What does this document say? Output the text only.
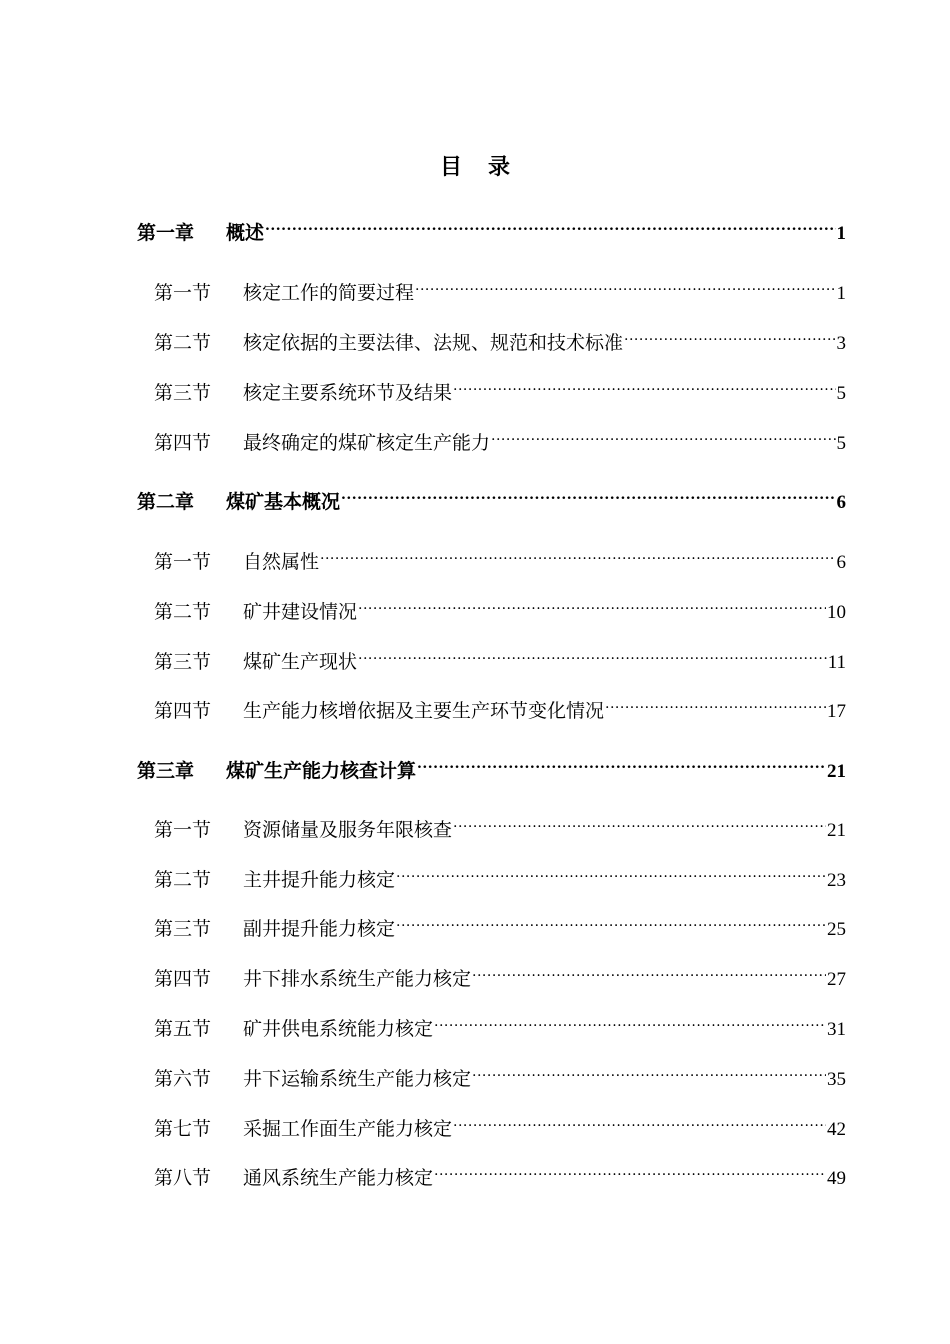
目 录
第一章	概述 .....	1
第一节	核定工作的简要过程 .....	1
第二节	核定依据的主要法律、法规、规范和技术标准 .....	3
第三节	核定主要系统环节及结果 .....	5
第四节	最终确定的煤矿核定生产能力 .....	5
第二章	煤矿基本概况 .....	6
第一节	自然属性 .....	6
第二节	矿井建设情况 .....	10
第三节	煤矿生产现状 .....	11
第四节	生产能力核增依据及主要生产环节变化情况 .....	17
第三章	煤矿生产能力核查计算 .....	21
第一节	资源储量及服务年限核查 .....	21
第二节	主井提升能力核定 .....	23
第三节	副井提升能力核定 .....	25
第四节	井下排水系统生产能力核定 .....	27
第五节	矿井供电系统能力核定 .....	31
第六节	井下运输系统生产能力核定 .....	35
第七节	采掘工作面生产能力核定 .....	42
第八节	通风系统生产能力核定 .....	49
